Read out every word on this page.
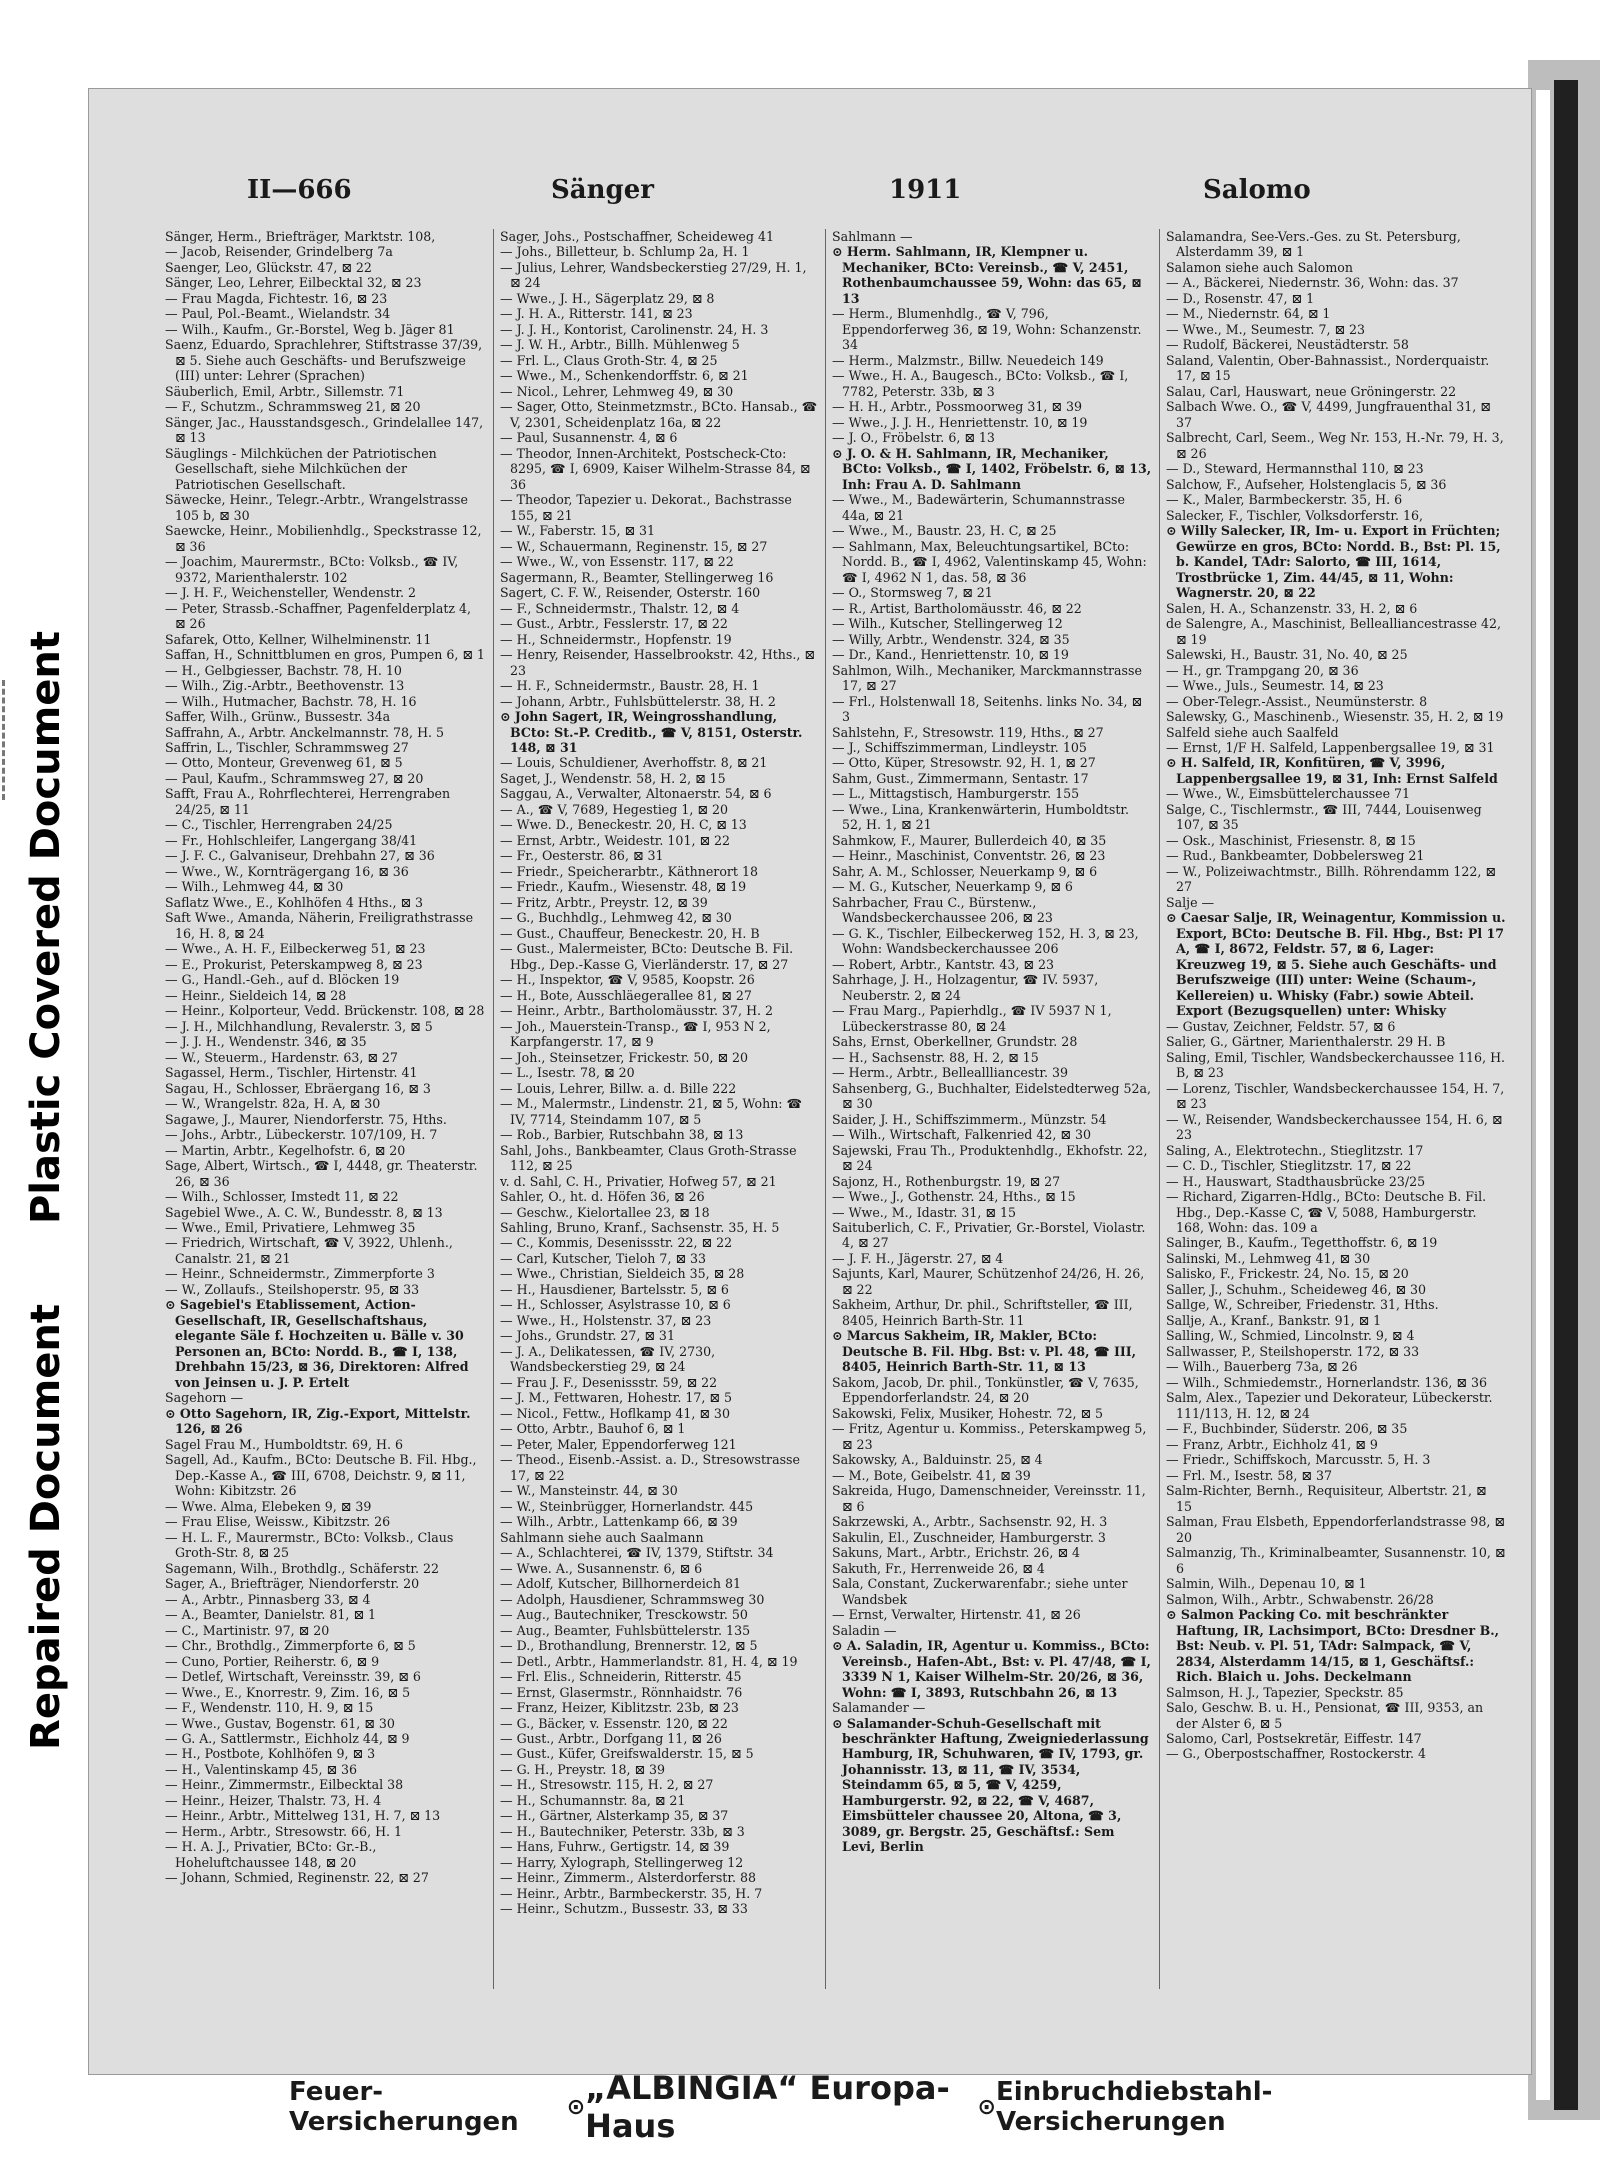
Plastic Covered Document
Repaired Document
II—666	Sänger	1911	Salomo

Sänger, Herm., Briefträger, Marktstr. 108,

— Jacob, Reisender, Grindelberg 7a

Saenger, Leo, Glückstr. 47, ⊠ 22

Sänger, Leo, Lehrer, Eilbecktal 32, ⊠ 23

— Frau Magda, Fichtestr. 16, ⊠ 23

— Paul, Pol.-Beamt., Wielandstr. 34

— Wilh., Kaufm., Gr.-Borstel, Weg b. Jäger 81

Saenz, Eduardo, Sprachlehrer, Stiftstrasse 37/39, ⊠ 5. Siehe auch Geschäfts- und Berufszweige (III) unter: Lehrer (Sprachen)

Säuberlich, Emil, Arbtr., Sillemstr. 71

— F., Schutzm., Schrammsweg 21, ⊠ 20

Sänger, Jac., Hausstandsgesch., Grindelallee 147, ⊠ 13

Säuglings - Milchküchen der Patriotischen Gesellschaft, siehe Milchküchen der Patriotischen Gesellschaft.

Säwecke, Heinr., Telegr.-Arbtr., Wrangelstrasse 105 b, ⊠ 30

Saewcke, Heinr., Mobilienhdlg., Speckstrasse 12, ⊠ 36

— Joachim, Maurermstr., BCto: Volksb., ☎ IV, 9372, Marienthalerstr. 102

— J. H. F., Weichensteller, Wendenstr. 2

— Peter, Strassb.-Schaffner, Pagenfelderplatz 4, ⊠ 26

Safarek, Otto, Kellner, Wilhelminenstr. 11

Saffan, H., Schnittblumen en gros, Pumpen 6, ⊠ 1

— H., Gelbgiesser, Bachstr. 78, H. 10

— Wilh., Zig.-Arbtr., Beethovenstr. 13

— Wilh., Hutmacher, Bachstr. 78, H. 16

Saffer, Wilh., Grünw., Bussestr. 34a

Saffrahn, A., Arbtr. Anckelmannstr. 78, H. 5

Saffrin, L., Tischler, Schrammsweg 27

— Otto, Monteur, Grevenweg 61, ⊠ 5

— Paul, Kaufm., Schrammsweg 27, ⊠ 20

Safft, Frau A., Rohrflechterei, Herrengraben 24/25, ⊠ 11

— C., Tischler, Herrengraben 24/25

— Fr., Hohlschleifer, Langergang 38/41

— J. F. C., Galvaniseur, Drehbahn 27, ⊠ 36

— Wwe., W., Kornträgergang 16, ⊠ 36

— Wilh., Lehmweg 44, ⊠ 30

Saflatz Wwe., E., Kohlhöfen 4 Hths., ⊠ 3

Saft Wwe., Amanda, Näherin, Freiligrathstrasse 16, H. 8, ⊠ 24

— Wwe., A. H. F., Eilbeckerweg 51, ⊠ 23

— E., Prokurist, Peterskampweg 8, ⊠ 23

— G., Handl.-Geh., auf d. Blöcken 19

— Heinr., Sieldeich 14, ⊠ 28

— Heinr., Kolporteur, Vedd. Brückenstr. 108, ⊠ 28

— J. H., Milchhandlung, Revalerstr. 3, ⊠ 5

— J. J. H., Wendenstr. 346, ⊠ 35

— W., Steuerm., Hardenstr. 63, ⊠ 27

Sagassel, Herm., Tischler, Hirtenstr. 41

Sagau, H., Schlosser, Ebräergang 16, ⊠ 3

— W., Wrangelstr. 82a, H. A, ⊠ 30

Sagawe, J., Maurer, Niendorferstr. 75, Hths.

— Johs., Arbtr., Lübeckerstr. 107/109, H. 7

— Martin, Arbtr., Kegelhofstr. 6, ⊠ 20

Sage, Albert, Wirtsch., ☎ I, 4448, gr. Theaterstr. 26, ⊠ 36

— Wilh., Schlosser, Imstedt 11, ⊠ 22

Sagebiel Wwe., A. C. W., Bundesstr. 8, ⊠ 13

— Wwe., Emil, Privatiere, Lehmweg 35

— Friedrich, Wirtschaft, ☎ V, 3922, Uhlenh., Canalstr. 21, ⊠ 21

— Heinr., Schneidermstr., Zimmerpforte 3

— W., Zollaufs., Steilshoperstr. 95, ⊠ 33

⊙ Sagebiel's Etablissement, Action-Gesellschaft, IR, Gesellschaftshaus, elegante Säle f. Hochzeiten u. Bälle v. 30 Personen an, BCto: Nordd. B., ☎ I, 138, Drehbahn 15/23, ⊠ 36, Direktoren: Alfred von Jeinsen u. J. P. Ertelt

Sagehorn —

⊙ Otto Sagehorn, IR, Zig.-Export, Mittelstr. 126, ⊠ 26

Sagel Frau M., Humboldtstr. 69, H. 6

Sagell, Ad., Kaufm., BCto: Deutsche B. Fil. Hbg., Dep.-Kasse A., ☎ III, 6708, Deichstr. 9, ⊠ 11, Wohn: Kibitzstr. 26

— Wwe. Alma, Elebeken 9, ⊠ 39

— Frau Elise, Weissw., Kibitzstr. 26

— H. L. F., Maurermstr., BCto: Volksb., Claus Groth-Str. 8, ⊠ 25

Sagemann, Wilh., Brothdlg., Schäferstr. 22

Sager, A., Briefträger, Niendorferstr. 20

— A., Arbtr., Pinnasberg 33, ⊠ 4

— A., Beamter, Danielstr. 81, ⊠ 1

— C., Martinistr. 97, ⊠ 20

— Chr., Brothdlg., Zimmerpforte 6, ⊠ 5

— Cuno, Portier, Reiherstr. 6, ⊠ 9

— Detlef, Wirtschaft, Vereinsstr. 39, ⊠ 6

— Wwe., E., Knorrestr. 9, Zim. 16, ⊠ 5

— F., Wendenstr. 110, H. 9, ⊠ 15

— Wwe., Gustav, Bogenstr. 61, ⊠ 30

— G. A., Sattlermstr., Eichholz 44, ⊠ 9

— H., Postbote, Kohlhöfen 9, ⊠ 3

— H., Valentinskamp 45, ⊠ 36

— Heinr., Zimmermstr., Eilbecktal 38

— Heinr., Heizer, Thalstr. 73, H. 4

— Heinr., Arbtr., Mittelweg 131, H. 7, ⊠ 13

— Herm., Arbtr., Stresowstr. 66, H. 1

— H. A. J., Privatier, BCto: Gr.-B., Hoheluftchaussee 148, ⊠ 20

— Johann, Schmied, Reginenstr. 22, ⊠ 27

Sager, Johs., Postschaffner, Scheideweg 41

— Johs., Billetteur, b. Schlump 2a, H. 1

— Julius, Lehrer, Wandsbeckerstieg 27/29, H. 1, ⊠ 24

— Wwe., J. H., Sägerplatz 29, ⊠ 8

— J. H. A., Ritterstr. 141, ⊠ 23

— J. J. H., Kontorist, Carolinenstr. 24, H. 3

— J. W. H., Arbtr., Billh. Mühlenweg 5

— Frl. L., Claus Groth-Str. 4, ⊠ 25

— Wwe., M., Schenkendorffstr. 6, ⊠ 21

— Nicol., Lehrer, Lehmweg 49, ⊠ 30

— Sager, Otto, Steinmetzmstr., BCto. Hansab., ☎ V, 2301, Scheidenplatz 16a, ⊠ 22

— Paul, Susannenstr. 4, ⊠ 6

— Theodor, Innen-Architekt, Postscheck-Cto: 8295, ☎ I, 6909, Kaiser Wilhelm-Strasse 84, ⊠ 36

— Theodor, Tapezier u. Dekorat., Bachstrasse 155, ⊠ 21

— W., Faberstr. 15, ⊠ 31

— W., Schauermann, Reginenstr. 15, ⊠ 27

— Wwe., W., von Essenstr. 117, ⊠ 22

Sagermann, R., Beamter, Stellingerweg 16

Sagert, C. F. W., Reisender, Osterstr. 160

— F., Schneidermstr., Thalstr. 12, ⊠ 4

— Gust., Arbtr., Fesslerstr. 17, ⊠ 22

— H., Schneidermstr., Hopfenstr. 19

— Henry, Reisender, Hasselbrookstr. 42, Hths., ⊠ 23

— H. F., Schneidermstr., Baustr. 28, H. 1

— Johann, Arbtr., Fuhlsbüttelerstr. 38, H. 2

⊙ John Sagert, IR, Weingrosshandlung, BCto: St.-P. Creditb., ☎ V, 8151, Osterstr. 148, ⊠ 31

— Louis, Schuldiener, Averhoffstr. 8, ⊠ 21

Saget, J., Wendenstr. 58, H. 2, ⊠ 15

Saggau, A., Verwalter, Altonaerstr. 54, ⊠ 6

— A., ☎ V, 7689, Hegestieg 1, ⊠ 20

— Wwe. D., Beneckestr. 20, H. C, ⊠ 13

— Ernst, Arbtr., Weidestr. 101, ⊠ 22

— Fr., Oesterstr. 86, ⊠ 31

— Friedr., Speicherarbtr., Käthnerort 18

— Friedr., Kaufm., Wiesenstr. 48, ⊠ 19

— Fritz, Arbtr., Preystr. 12, ⊠ 39

— G., Buchhdlg., Lehmweg 42, ⊠ 30

— Gust., Chauffeur, Beneckestr. 20, H. B

— Gust., Malermeister, BCto: Deutsche B. Fil. Hbg., Dep.-Kasse G, Vierländerstr. 17, ⊠ 27

— H., Inspektor, ☎ V, 9585, Koopstr. 26

— H., Bote, Ausschläegerallee 81, ⊠ 27

— Heinr., Arbtr., Bartholomäusstr. 37, H. 2

— Joh., Mauerstein-Transp., ☎ I, 953 N 2, Karpfangerstr. 17, ⊠ 9

— Joh., Steinsetzer, Frickestr. 50, ⊠ 20

— L., Isestr. 78, ⊠ 20

— Louis, Lehrer, Billw. a. d. Bille 222

— M., Malermstr., Lindenstr. 21, ⊠ 5, Wohn: ☎ IV, 7714, Steindamm 107, ⊠ 5

— Rob., Barbier, Rutschbahn 38, ⊠ 13

Sahl, Johs., Bankbeamter, Claus Groth-Strasse 112, ⊠ 25

v. d. Sahl, C. H., Privatier, Hofweg 57, ⊠ 21

Sahler, O., ht. d. Höfen 36, ⊠ 26

— Geschw., Kielortallee 23, ⊠ 18

Sahling, Bruno, Kranf., Sachsenstr. 35, H. 5

— C., Kommis, Desenissstr. 22, ⊠ 22

— Carl, Kutscher, Tieloh 7, ⊠ 33

— Wwe., Christian, Sieldeich 35, ⊠ 28

— H., Hausdiener, Bartelsstr. 5, ⊠ 6

— H., Schlosser, Asylstrasse 10, ⊠ 6

— Wwe., H., Holstenstr. 37, ⊠ 23

— Johs., Grundstr. 27, ⊠ 31

— J. A., Delikatessen, ☎ IV, 2730, Wandsbeckerstieg 29, ⊠ 24

— Frau J. F., Desenissstr. 59, ⊠ 22

— J. M., Fettwaren, Hohestr. 17, ⊠ 5

— Nicol., Fettw., Hoflkamp 41, ⊠ 30

— Otto, Arbtr., Bauhof 6, ⊠ 1

— Peter, Maler, Eppendorferweg 121

— Theod., Eisenb.-Assist. a. D., Stresowstrasse 17, ⊠ 22

— W., Mansteinstr. 44, ⊠ 30

— W., Steinbrügger, Hornerlandstr. 445

— Wilh., Arbtr., Lattenkamp 66, ⊠ 39

Sahlmann siehe auch Saalmann

— A., Schlachterei, ☎ IV, 1379, Stiftstr. 34

— Wwe. A., Susannenstr. 6, ⊠ 6

— Adolf, Kutscher, Billhornerdeich 81

— Adolph, Hausdiener, Schrammsweg 30

— Aug., Bautechniker, Tresckowstr. 50

— Aug., Beamter, Fuhlsbüttelerstr. 135

— D., Brothandlung, Brennerstr. 12, ⊠ 5

— Detl., Arbtr., Hammerlandstr. 81, H. 4, ⊠ 19

— Frl. Elis., Schneiderin, Ritterstr. 45

— Ernst, Glasermstr., Rönnhaidstr. 76

— Franz, Heizer, Kiblitzstr. 23b, ⊠ 23

— G., Bäcker, v. Essenstr. 120, ⊠ 22

— Gust., Arbtr., Dorfgang 11, ⊠ 26

— Gust., Küfer, Greifswalderstr. 15, ⊠ 5

— G. H., Preystr. 18, ⊠ 39

— H., Stresowstr. 115, H. 2, ⊠ 27

— H., Schumannstr. 8a, ⊠ 21

— H., Gärtner, Alsterkamp 35, ⊠ 37

— H., Bautechniker, Peterstr. 33b, ⊠ 3

— Hans, Fuhrw., Gertigstr. 14, ⊠ 39

— Harry, Xylograph, Stellingerweg 12

— Heinr., Zimmerm., Alsterdorferstr. 88

— Heinr., Arbtr., Barmbeckerstr. 35, H. 7

— Heinr., Schutzm., Bussestr. 33, ⊠ 33

Sahlmann —

⊙ Herm. Sahlmann, IR, Klempner u. Mechaniker, BCto: Vereinsb., ☎ V, 2451, Rothenbaumchaussee 59, Wohn: das 65, ⊠ 13

— Herm., Blumenhdlg., ☎ V, 796, Eppendorferweg 36, ⊠ 19, Wohn: Schanzenstr. 34

— Herm., Malzmstr., Billw. Neuedeich 149

— Wwe., H. A., Baugesch., BCto: Volksb., ☎ I, 7782, Peterstr. 33b, ⊠ 3

— H. H., Arbtr., Possmoorweg 31, ⊠ 39

— Wwe., J. J. H., Henriettenstr. 10, ⊠ 19

— J. O., Fröbelstr. 6, ⊠ 13

⊙ J. O. & H. Sahlmann, IR, Mechaniker, BCto: Volksb., ☎ I, 1402, Fröbelstr. 6, ⊠ 13, Inh: Frau A. D. Sahlmann

— Wwe., M., Badewärterin, Schumannstrasse 44a, ⊠ 21

— Wwe., M., Baustr. 23, H. C, ⊠ 25

— Sahlmann, Max, Beleuchtungsartikel, BCto: Nordd. B., ☎ I, 4962, Valentinskamp 45, Wohn: ☎ I, 4962 N 1, das. 58, ⊠ 36

— O., Stormsweg 7, ⊠ 21

— R., Artist, Bartholomäusstr. 46, ⊠ 22

— Wilh., Kutscher, Stellingerweg 12

— Willy, Arbtr., Wendenstr. 324, ⊠ 35

— Dr., Kand., Henriettenstr. 10, ⊠ 19

Sahlmon, Wilh., Mechaniker, Marckmannstrasse 17, ⊠ 27

— Frl., Holstenwall 18, Seitenhs. links No. 34, ⊠ 3

Sahlstehn, F., Stresowstr. 119, Hths., ⊠ 27

— J., Schiffszimmerman, Lindleystr. 105

— Otto, Küper, Stresowstr. 92, H. 1, ⊠ 27

Sahm, Gust., Zimmermann, Sentastr. 17

— L., Mittagstisch, Hamburgerstr. 155

— Wwe., Lina, Krankenwärterin, Humboldtstr. 52, H. 1, ⊠ 21

Sahmkow, F., Maurer, Bullerdeich 40, ⊠ 35

— Heinr., Maschinist, Conventstr. 26, ⊠ 23

Sahr, A. M., Schlosser, Neuerkamp 9, ⊠ 6

— M. G., Kutscher, Neuerkamp 9, ⊠ 6

Sahrbacher, Frau C., Bürstenw., Wandsbeckerchaussee 206, ⊠ 23

— G. K., Tischler, Eilbeckerweg 152, H. 3, ⊠ 23, Wohn: Wandsbeckerchaussee 206

— Robert, Arbtr., Kantstr. 43, ⊠ 23

Sahrhage, J. H., Holzagentur, ☎ IV. 5937, Neuberstr. 2, ⊠ 24

— Frau Marg., Papierhdlg., ☎ IV 5937 N 1, Lübeckerstrasse 80, ⊠ 24

Sahs, Ernst, Oberkellner, Grundstr. 28

— H., Sachsenstr. 88, H. 2, ⊠ 15

— Herm., Arbtr., Belleallliancestr. 39

Sahsenberg, G., Buchhalter, Eidelstedterweg 52a, ⊠ 30

Saider, J. H., Schiffszimmerm., Münzstr. 54

— Wilh., Wirtschaft, Falkenried 42, ⊠ 30

Sajewski, Frau Th., Produktenhdlg., Ekhofstr. 22, ⊠ 24

Sajonz, H., Rothenburgstr. 19, ⊠ 27

— Wwe., J., Gothenstr. 24, Hths., ⊠ 15

— Wwe., M., Idastr. 31, ⊠ 15

Saituberlich, C. F., Privatier, Gr.-Borstel, Violastr. 4, ⊠ 27

— J. F. H., Jägerstr. 27, ⊠ 4

Sajunts, Karl, Maurer, Schützenhof 24/26, H. 26, ⊠ 22

Sakheim, Arthur, Dr. phil., Schriftsteller, ☎ III, 8405, Heinrich Barth-Str. 11

⊙ Marcus Sakheim, IR, Makler, BCto: Deutsche B. Fil. Hbg. Bst: v. Pl. 48, ☎ III, 8405, Heinrich Barth-Str. 11, ⊠ 13

Sakom, Jacob, Dr. phil., Tonkünstler, ☎ V, 7635, Eppendorferlandstr. 24, ⊠ 20

Sakowski, Felix, Musiker, Hohestr. 72, ⊠ 5

— Fritz, Agentur u. Kommiss., Peterskampweg 5, ⊠ 23

Sakowsky, A., Balduinstr. 25, ⊠ 4

— M., Bote, Geibelstr. 41, ⊠ 39

Sakreida, Hugo, Damenschneider, Vereinsstr. 11, ⊠ 6

Sakrzewski, A., Arbtr., Sachsenstr. 92, H. 3

Sakulin, El., Zuschneider, Hamburgerstr. 3

Sakuns, Mart., Arbtr., Erichstr. 26, ⊠ 4

Sakuth, Fr., Herrenweide 26, ⊠ 4

Sala, Constant, Zuckerwarenfabr.; siehe unter Wandsbek

— Ernst, Verwalter, Hirtenstr. 41, ⊠ 26

Saladin —

⊙ A. Saladin, IR, Agentur u. Kommiss., BCto: Vereinsb., Hafen-Abt., Bst: v. Pl. 47/48, ☎ I, 3339 N 1, Kaiser Wilhelm-Str. 20/26, ⊠ 36, Wohn: ☎ I, 3893, Rutschbahn 26, ⊠ 13

Salamander —

⊙ Salamander-Schuh-Gesellschaft mit beschränkter Haftung, Zweigniederlassung Hamburg, IR, Schuhwaren, ☎ IV, 1793, gr. Johannisstr. 13, ⊠ 11, ☎ IV, 3534, Steindamm 65, ⊠ 5, ☎ V, 4259, Hamburgerstr. 92, ⊠ 22, ☎ V, 4687, Eimsbütteler chaussee 20, Altona, ☎ 3, 3089, gr. Bergstr. 25, Geschäftsf.: Sem Levi, Berlin

Salamandra, See-Vers.-Ges. zu St. Petersburg, Alsterdamm 39, ⊠ 1

Salamon siehe auch Salomon

— A., Bäckerei, Niedernstr. 36, Wohn: das. 37

— D., Rosenstr. 47, ⊠ 1

— M., Niedernstr. 64, ⊠ 1

— Wwe., M., Seumestr. 7, ⊠ 23

— Rudolf, Bäckerei, Neustädterstr. 58

Saland, Valentin, Ober-Bahnassist., Norderquaistr. 17, ⊠ 15

Salau, Carl, Hauswart, neue Gröningerstr. 22

Salbach Wwe. O., ☎ V, 4499, Jungfrauenthal 31, ⊠ 37

Salbrecht, Carl, Seem., Weg Nr. 153, H.-Nr. 79, H. 3, ⊠ 26

— D., Steward, Hermannsthal 110, ⊠ 23

Salchow, F., Aufseher, Holstenglacis 5, ⊠ 36

— K., Maler, Barmbeckerstr. 35, H. 6

Salecker, F., Tischler, Volksdorferstr. 16,

⊙ Willy Salecker, IR, Im- u. Export in Früchten; Gewürze en gros, BCto: Nordd. B., Bst: Pl. 15, b. Kandel, TAdr: Salorto, ☎ III, 1614, Trostbrücke 1, Zim. 44/45, ⊠ 11, Wohn: Wagnerstr. 20, ⊠ 22

Salen, H. A., Schanzenstr. 33, H. 2, ⊠ 6

de Salengre, A., Maschinist, Bellealliancestrasse 42, ⊠ 19

Salewski, H., Baustr. 31, No. 40, ⊠ 25

— H., gr. Trampgang 20, ⊠ 36

— Wwe., Juls., Seumestr. 14, ⊠ 23

— Ober-Telegr.-Assist., Neumünsterstr. 8

Salewsky, G., Maschinenb., Wiesenstr. 35, H. 2, ⊠ 19

Salfeld siehe auch Saalfeld

— Ernst, 1/F H. Salfeld, Lappenbergsallee 19, ⊠ 31

⊙ H. Salfeld, IR, Konfitüren, ☎ V, 3996, Lappenbergsallee 19, ⊠ 31, Inh: Ernst Salfeld

— Wwe., W., Eimsbüttelerchaussee 71

Salge, C., Tischlermstr., ☎ III, 7444, Louisenweg 107, ⊠ 35

— Osk., Maschinist, Friesenstr. 8, ⊠ 15

— Rud., Bankbeamter, Dobbelersweg 21

— W., Polizeiwachtmstr., Billh. Röhrendamm 122, ⊠ 27

Salje —

⊙ Caesar Salje, IR, Weinagentur, Kommission u. Export, BCto: Deutsche B. Fil. Hbg., Bst: Pl 17 A, ☎ I, 8672, Feldstr. 57, ⊠ 6, Lager: Kreuzweg 19, ⊠ 5. Siehe auch Geschäfts- und Berufszweige (III) unter: Weine (Schaum-, Kellereien) u. Whisky (Fabr.) sowie Abteil. Export (Bezugsquellen) unter: Whisky

— Gustav, Zeichner, Feldstr. 57, ⊠ 6

Salier, G., Gärtner, Marienthalerstr. 29 H. B

Saling, Emil, Tischler, Wandsbeckerchaussee 116, H. B, ⊠ 23

— Lorenz, Tischler, Wandsbeckerchaussee 154, H. 7, ⊠ 23

— W., Reisender, Wandsbeckerchaussee 154, H. 6, ⊠ 23

Saling, A., Elektrotechn., Stieglitzstr. 17

— C. D., Tischler, Stieglitzstr. 17, ⊠ 22

— H., Hauswart, Stadthausbrücke 23/25

— Richard, Zigarren-Hdlg., BCto: Deutsche B. Fil. Hbg., Dep.-Kasse C, ☎ V, 5088, Hamburgerstr. 168, Wohn: das. 109 a

Salinger, B., Kaufm., Tegetthoffstr. 6, ⊠ 19

Salinski, M., Lehmweg 41, ⊠ 30

Salisko, F., Frickestr. 24, No. 15, ⊠ 20

Saller, J., Schuhm., Scheideweg 46, ⊠ 30

Sallge, W., Schreiber, Friedenstr. 31, Hths.

Sallje, A., Kranf., Bankstr. 91, ⊠ 1

Salling, W., Schmied, Lincolnstr. 9, ⊠ 4

Sallwasser, P., Steilshoperstr. 172, ⊠ 33

— Wilh., Bauerberg 73a, ⊠ 26

— Wilh., Schmiedemstr., Hornerlandstr. 136, ⊠ 36

Salm, Alex., Tapezier und Dekorateur, Lübeckerstr. 111/113, H. 12, ⊠ 24

— F., Buchbinder, Süderstr. 206, ⊠ 35

— Franz, Arbtr., Eichholz 41, ⊠ 9

— Friedr., Schiffskoch, Marcusstr. 5, H. 3

— Frl. M., Isestr. 58, ⊠ 37

Salm-Richter, Bernh., Requisiteur, Albertstr. 21, ⊠ 15

Salman, Frau Elsbeth, Eppendorferlandstrasse 98, ⊠ 20

Salmanzig, Th., Kriminalbeamter, Susannenstr. 10, ⊠ 6

Salmin, Wilh., Depenau 10, ⊠ 1

Salmon, Wilh., Arbtr., Schwabenstr. 26/28

⊙ Salmon Packing Co. mit beschränkter Haftung, IR, Lachsimport, BCto: Dresdner B., Bst: Neub. v. Pl. 51, TAdr: Salmpack, ☎ V, 2834, Alsterdamm 14/15, ⊠ 1, Geschäftsf.: Rich. Blaich u. Johs. Deckelmann

Salmson, H. J., Tapezier, Speckstr. 85

Salo, Geschw. B. u. H., Pensionat, ☎ III, 9353, an der Alster 6, ⊠ 5

Salomo, Carl, Postsekretär, Eiffestr. 147

— G., Oberpostschaffner, Rostockerstr. 4

Feuer-Versicherungen	⊙ „ALBINGIA“ Europa-Haus	⊙ Einbruchdiebstahl-Versicherungen
